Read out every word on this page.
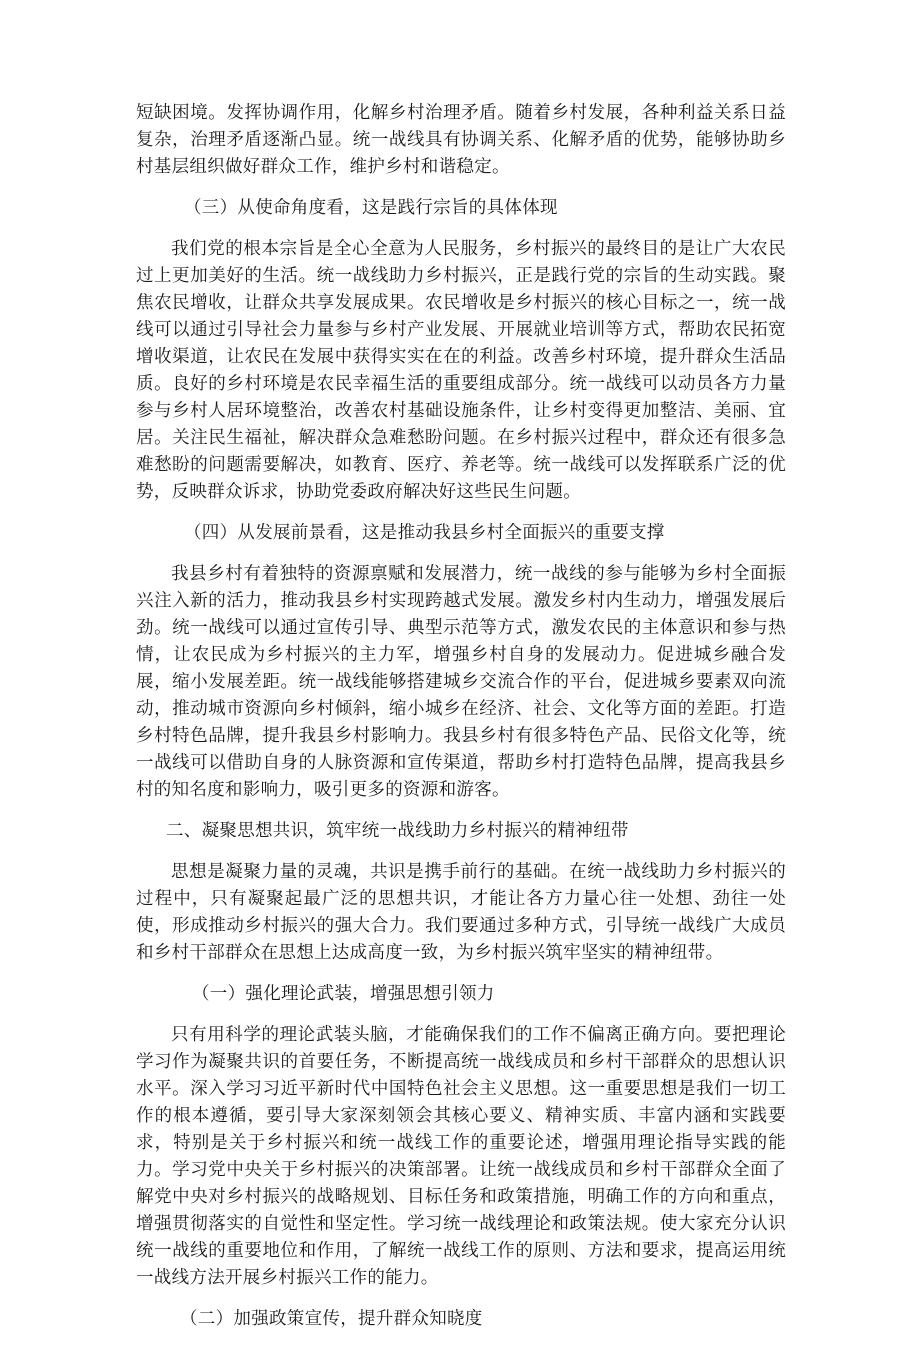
短缺困境。发挥协调作用，化解乡村治理矛盾。随着乡村发展，各种利益关系日益复杂，治理矛盾逐渐凸显。统一战线具有协调关系、化解矛盾的优势，能够协助乡村基层组织做好群众工作，维护乡村和谐稳定。

（三）从使命角度看，这是践行宗旨的具体体现

我们党的根本宗旨是全心全意为人民服务，乡村振兴的最终目的是让广大农民过上更加美好的生活。统一战线助力乡村振兴，正是践行党的宗旨的生动实践。聚焦农民增收，让群众共享发展成果。农民增收是乡村振兴的核心目标之一，统一战线可以通过引导社会力量参与乡村产业发展、开展就业培训等方式，帮助农民拓宽增收渠道，让农民在发展中获得实实在在的利益。改善乡村环境，提升群众生活品质。良好的乡村环境是农民幸福生活的重要组成部分。统一战线可以动员各方力量参与乡村人居环境整治，改善农村基础设施条件，让乡村变得更加整洁、美丽、宜居。关注民生福祉，解决群众急难愁盼问题。在乡村振兴过程中，群众还有很多急难愁盼的问题需要解决，如教育、医疗、养老等。统一战线可以发挥联系广泛的优势，反映群众诉求，协助党委政府解决好这些民生问题。

（四）从发展前景看，这是推动我县乡村全面振兴的重要支撑

我县乡村有着独特的资源禀赋和发展潜力，统一战线的参与能够为乡村全面振兴注入新的活力，推动我县乡村实现跨越式发展。激发乡村内生动力，增强发展后劲。统一战线可以通过宣传引导、典型示范等方式，激发农民的主体意识和参与热情，让农民成为乡村振兴的主力军，增强乡村自身的发展动力。促进城乡融合发展，缩小发展差距。统一战线能够搭建城乡交流合作的平台，促进城乡要素双向流动，推动城市资源向乡村倾斜，缩小城乡在经济、社会、文化等方面的差距。打造乡村特色品牌，提升我县乡村影响力。我县乡村有很多特色产品、民俗文化等，统一战线可以借助自身的人脉资源和宣传渠道，帮助乡村打造特色品牌，提高我县乡村的知名度和影响力，吸引更多的资源和游客。

二、凝聚思想共识，筑牢统一战线助力乡村振兴的精神纽带

思想是凝聚力量的灵魂，共识是携手前行的基础。在统一战线助力乡村振兴的过程中，只有凝聚起最广泛的思想共识，才能让各方力量心往一处想、劲往一处使，形成推动乡村振兴的强大合力。我们要通过多种方式，引导统一战线广大成员和乡村干部群众在思想上达成高度一致，为乡村振兴筑牢坚实的精神纽带。

（一）强化理论武装，增强思想引领力

只有用科学的理论武装头脑，才能确保我们的工作不偏离正确方向。要把理论学习作为凝聚共识的首要任务，不断提高统一战线成员和乡村干部群众的思想认识水平。深入学习习近平新时代中国特色社会主义思想。这一重要思想是我们一切工作的根本遵循，要引导大家深刻领会其核心要义、精神实质、丰富内涵和实践要求，特别是关于乡村振兴和统一战线工作的重要论述，增强用理论指导实践的能力。学习党中央关于乡村振兴的决策部署。让统一战线成员和乡村干部群众全面了解党中央对乡村振兴的战略规划、目标任务和政策措施，明确工作的方向和重点，增强贯彻落实的自觉性和坚定性。学习统一战线理论和政策法规。使大家充分认识统一战线的重要地位和作用，了解统一战线工作的原则、方法和要求，提高运用统一战线方法开展乡村振兴工作的能力。

（二）加强政策宣传，提升群众知晓度
